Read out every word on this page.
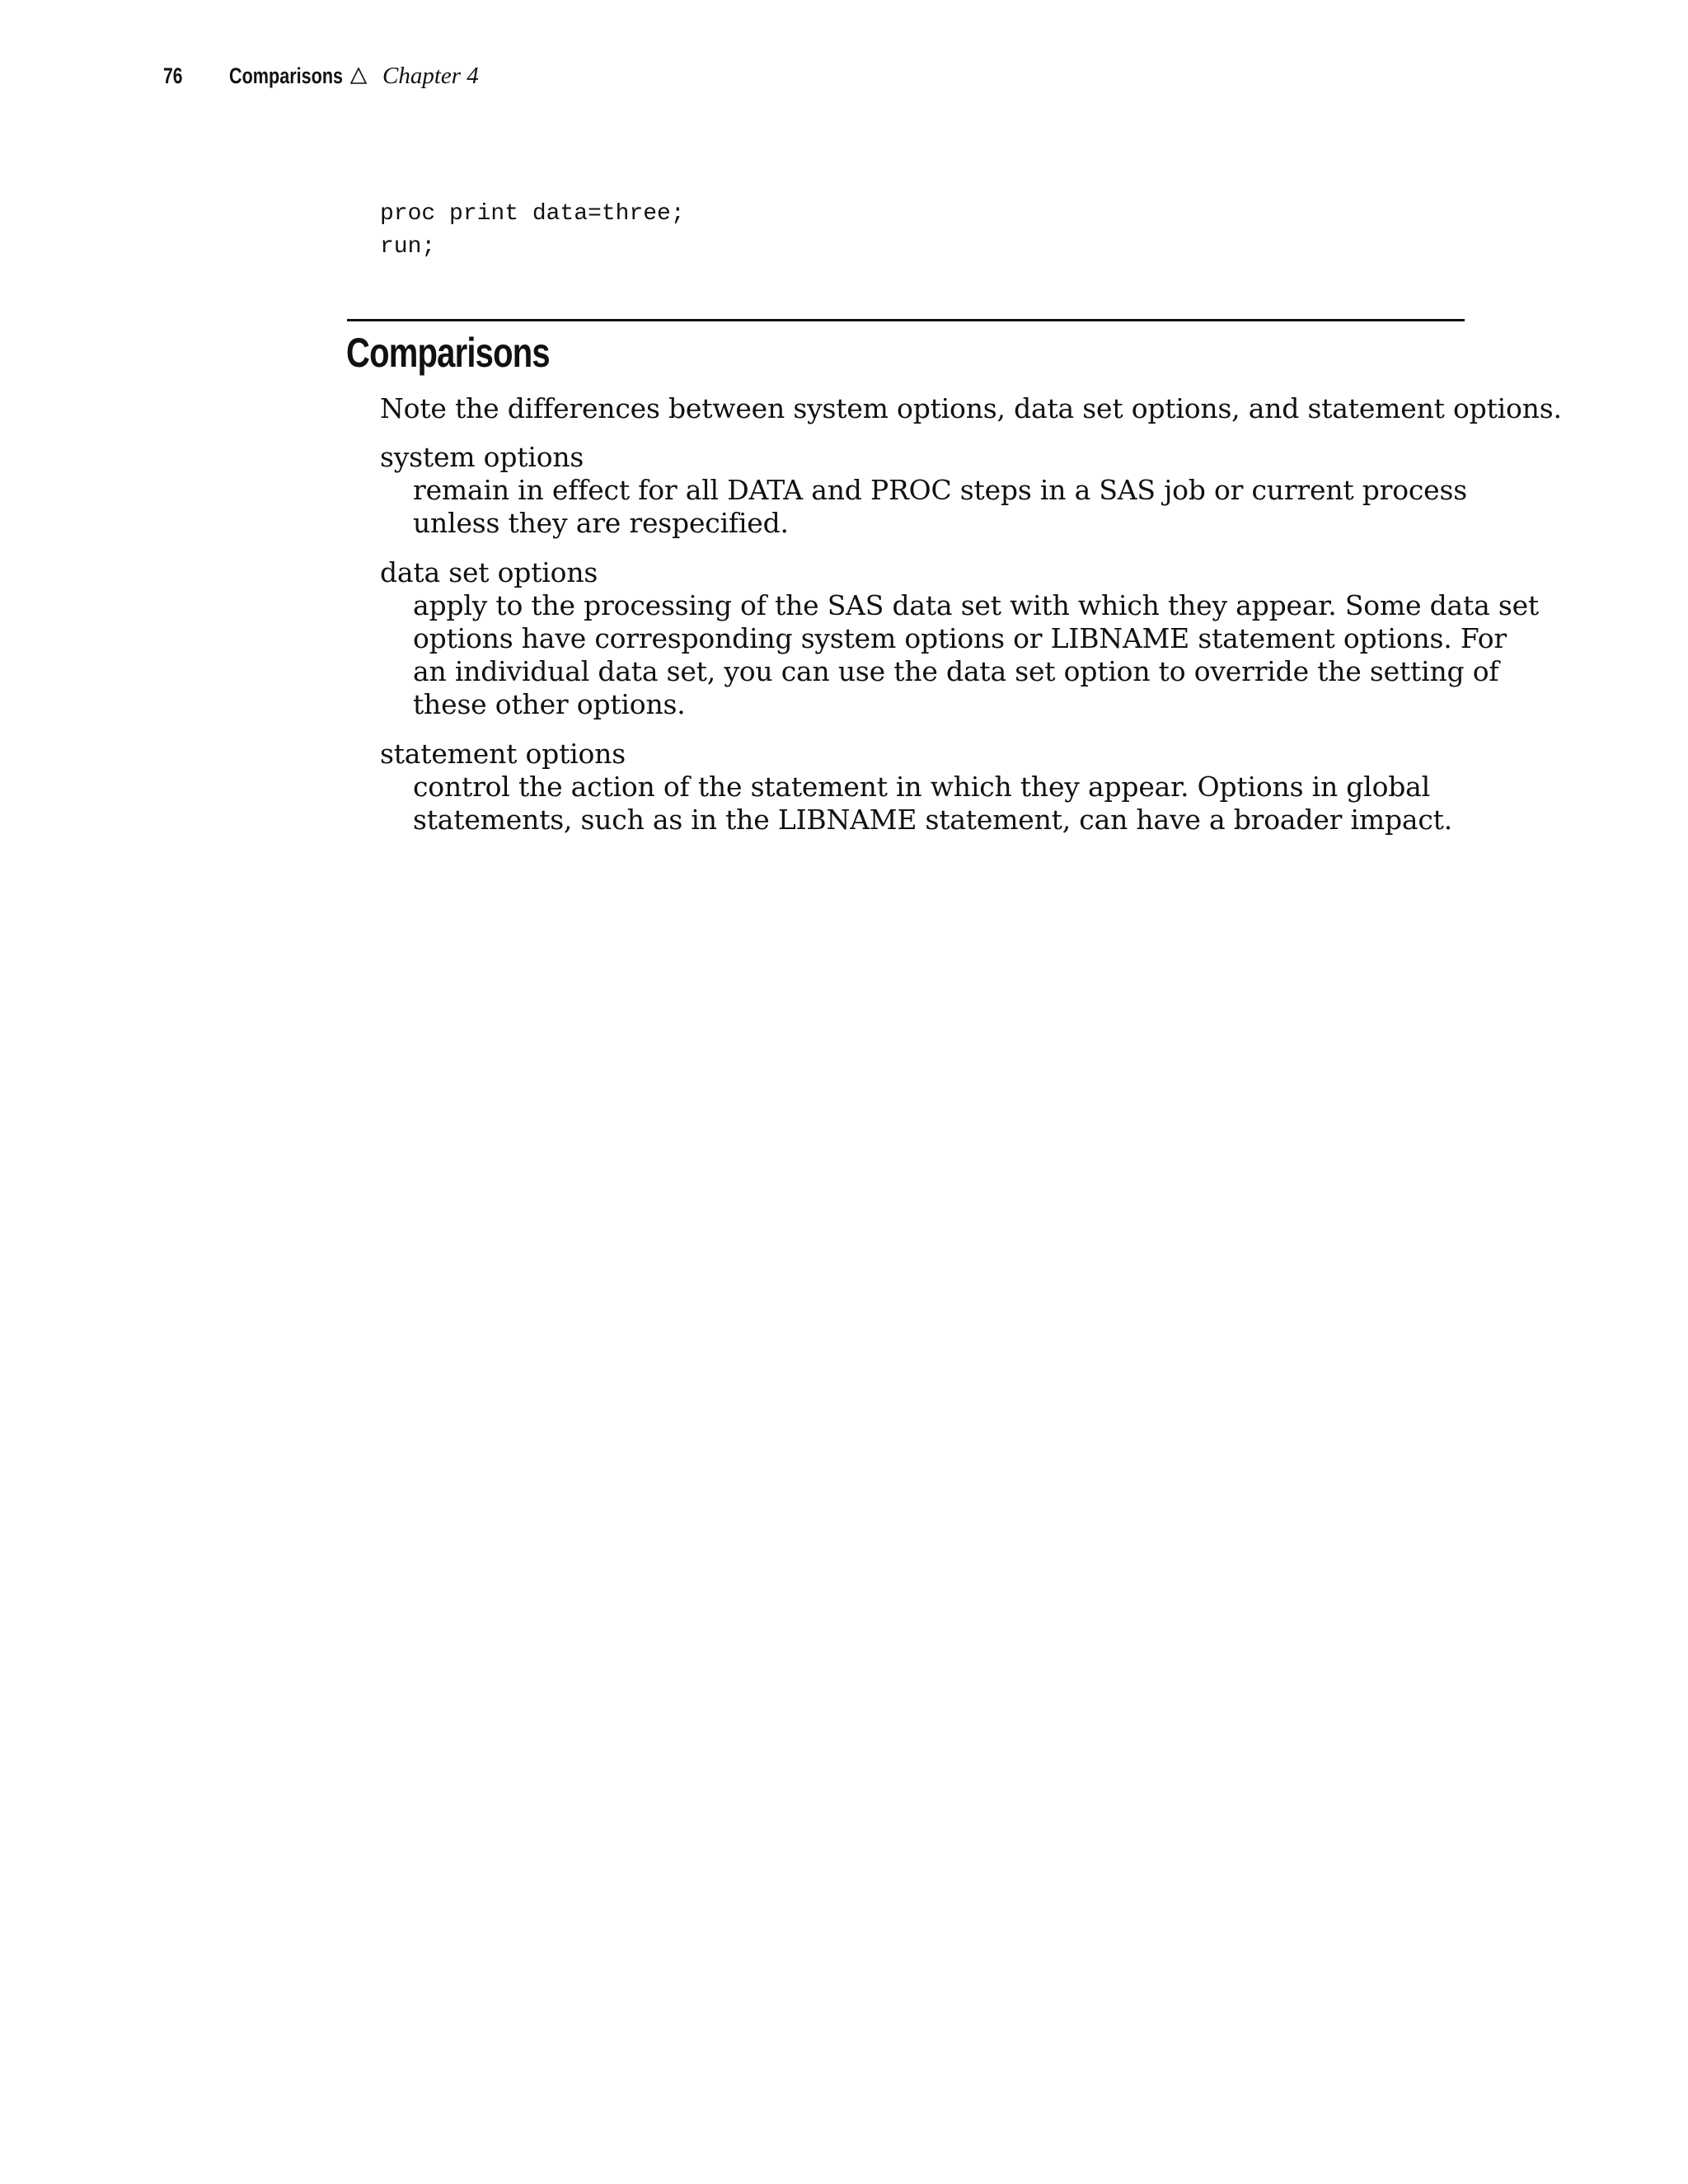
76	Comparisons Chapter 4
proc print data=three;
run;
Comparisons

Note the differences between system options, data set options, and statement options.

system options
remain in effect for all DATA and PROC steps in a SAS job or current process
unless they are respecified.
data set options
apply to the processing of the SAS data set with which they appear. Some data set
options have corresponding system options or LIBNAME statement options. For
an individual data set, you can use the data set option to override the setting of
these other options.
statement options
control the action of the statement in which they appear. Options in global
statements, such as in the LIBNAME statement, can have a broader impact.
